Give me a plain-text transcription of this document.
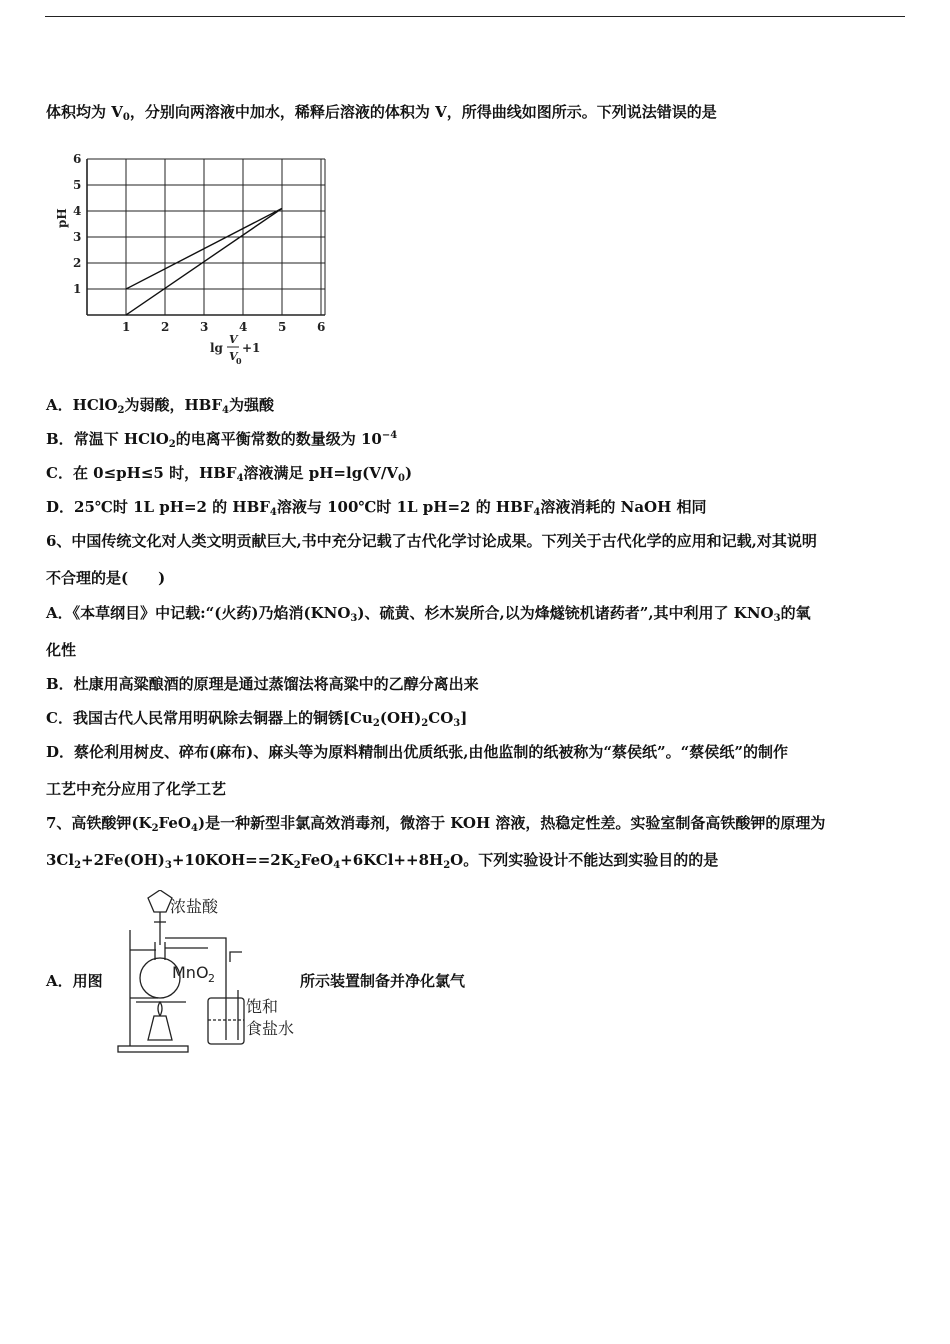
体积均为 $V_0$，分别向两溶液中加水，稀释后溶液的体积为 V，所得曲线如图所示。下列说法错误的是
1	2	3	4	5	6
1
2
3
4
5
6
pH
lg
V
V
0
+1
A．HClO$_2$为弱酸，$HBF_4$为强酸
B．常温下 HClO$_2$的电离平衡常数的数量级为 $10^{-4}$
C．在 0≤pH≤5 时，$HBF_4$溶液满足 $pH=\lg(V/V_0)$
D．25℃时 1L pH=2 的 $HBF_4$溶液与 100℃时 1L pH=2 的 $HBF_4$溶液消耗的 NaOH 相同
6、中国传统文化对人类文明贡献巨大,书中充分记载了古代化学讨论成果。下列关于古代化学的应用和记载,对其说明
不合理的是(　　)
A．《本草纲目》中记载:“(火药)乃焰消$(KNO_3)$、硫黄、杉木炭所合,以为烽燧铳机诸药者”,其中利用了 $KNO_3$的氧
化性
B．杜康用高粱酿酒的原理是通过蒸馏法将高粱中的乙醇分离出来
C．我国古代人民常用明矾除去铜器上的铜锈$[Cu_2(OH)_2CO_3]$
D．蔡伦利用树皮、碎布(麻布)、麻头等为原料精制出优质纸张,由他监制的纸被称为“蔡侯纸”。“蔡侯纸”的制作
工艺中充分应用了化学工艺
7、高铁酸钾$(K_2FeO_4)$是一种新型非氯高效消毒剂，微溶于 KOH 溶液，热稳定性差。实验室制备高铁酸钾的原理为
$3Cl_2+2Fe(OH)_3+10KOH==2K_2FeO_4+6KCl++8H_2O$。下列实验设计不能达到实验目的的是
A．用图	所示装置制备并净化氯气
浓盐酸
MnO 2
饱和
食盐水
